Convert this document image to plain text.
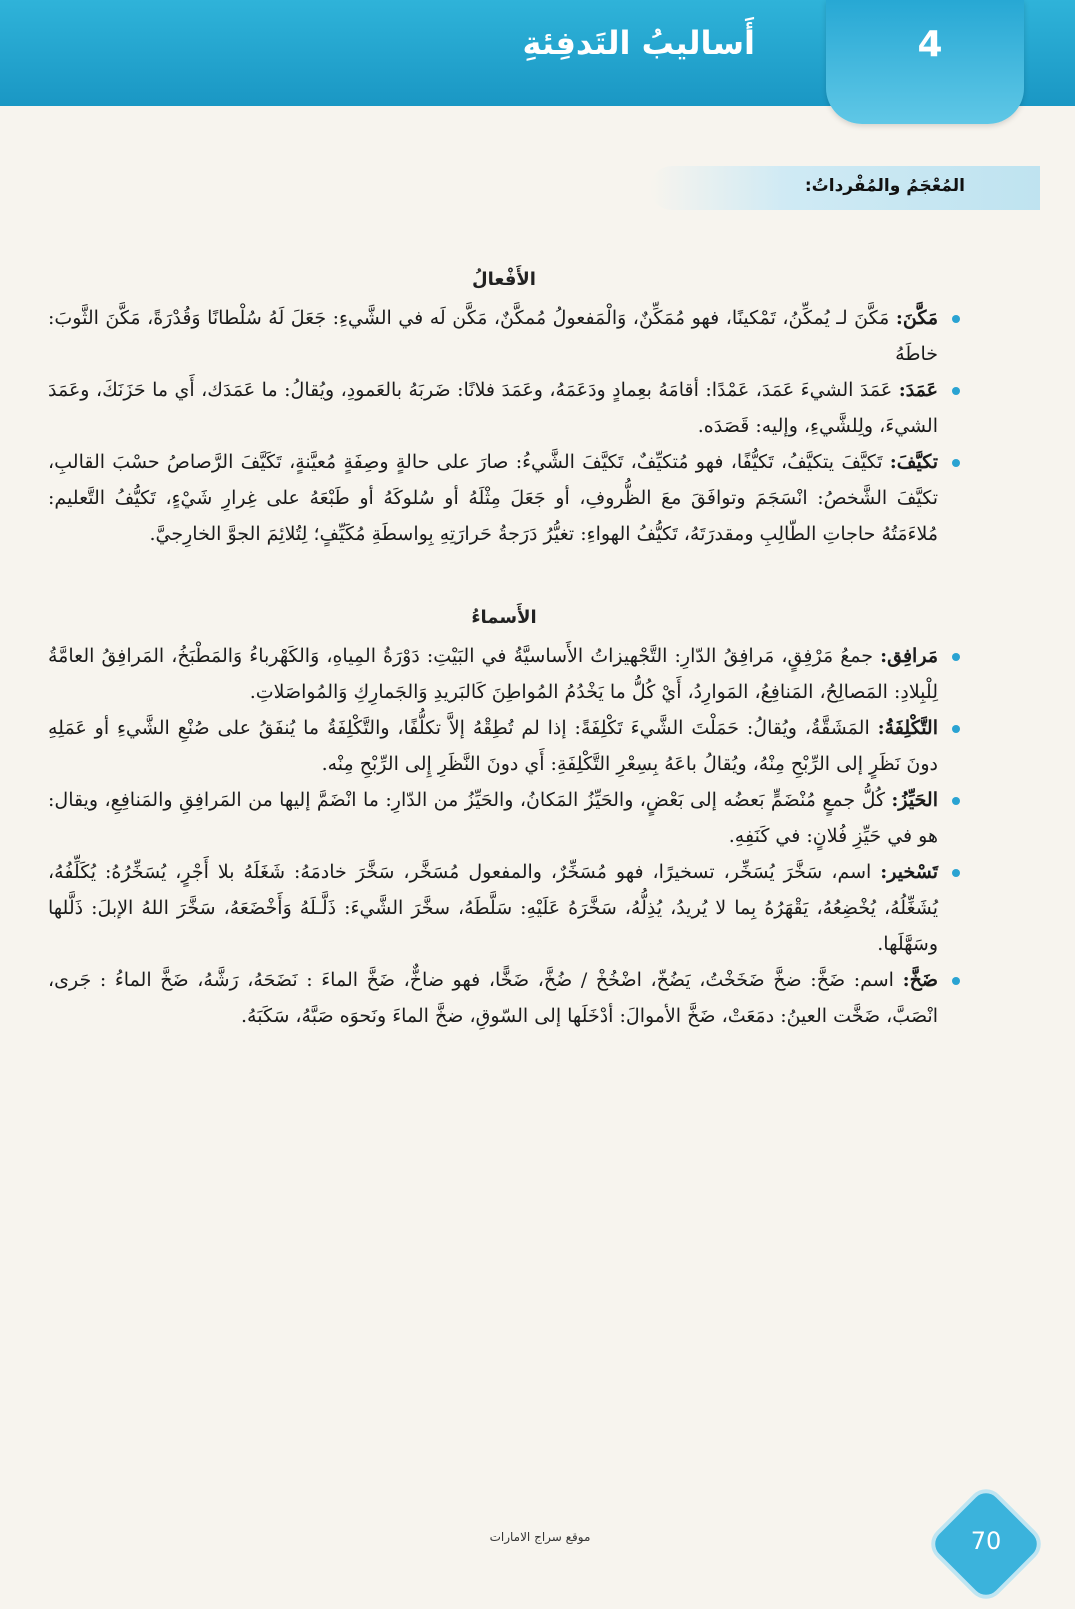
4
أَساليبُ التَدفِئةِ
المُعْجَمُ والمُفْرداتُ:
الأَفْعالُ

مَكَّنَ: مَكَّنَ لـ يُمكِّنُ، تَمْكينًا، فهو مُمَكِّنٌ، وَالْمَفعولُ مُمكَّنٌ، مَكَّن لَه في الشَّيءِ: جَعَلَ لَهُ سُلْطانًا وَقُدْرَةً، مَكَّنَ الثَّوبَ: خاطَهُ

عَمَدَ: عَمَدَ الشيءَ عَمَدَ، عَمْدًا: أقامَهُ بعِمادٍ ودَعَمَهُ، وعَمَدَ فلانًا: ضَربَهُ بالعَمودِ، ويُقالُ: ما عَمَدَك، أَي ما حَزَنَكَ، وعَمَدَ الشيءَ، ولِلشَّيءِ، وإليه: قَصَدَه.

تكيَّفَ: تَكيَّفَ يتكيَّفُ، تَكيُّفًا، فهو مُتكيِّفٌ، تَكيَّفَ الشَّيءُ: صارَ على حالةٍ وصِفَةٍ مُعيَّنةٍ، تَكَيَّفَ الرَّصاصُ حسْبَ القالبِ، تكيَّفَ الشَّخصُ: انْسَجَمَ وتوافَقَ معَ الظُّروفِ، أو جَعَلَ مِثْلَهُ أو سُلوكَهُ أو طَبْعَهُ على غِرارِ شَيْءٍ، تَكيُّفُ التَّعليم: مُلاءَمَتُهُ حاجاتِ الطّالِبِ ومقدرَتَهُ، تَكيُّفُ الهواءِ: تغيُّرُ دَرَجةُ حَرارَتِهِ بِواسطَةِ مُكَيِّفٍ؛ لِتُلائِمَ الجوَّ الخارِجيَّ.

الأَسماءُ

مَرافِق: جمعُ مَرْفِقٍ، مَرافِقُ الدّارِ: التَّجْهيزاتُ الأَساسيَّةُ في البَيْتِ: دَوْرَةُ المِياهِ، وَالكَهْرباءُ وَالمَطْبَخُ، المَرافِقُ العامَّةُ لِلْبِلادِ: المَصالِحُ، المَنافِعُ، المَوارِدُ، أَيْ كُلُّ ما يَخْدُمُ المُواطِنَ كَالبَريدِ وَالجَمارِكِ وَالمُواصَلاتِ.

التَّكْلِفَةُ: المَشَقَّةُ، ويُقالُ: حَمَلْتَ الشَّيءَ تَكْلِفَةً: إذا لم تُطِقْهُ إلاَّ تكلُّفًا، والتَّكْلِفَةُ ما يُنفَقُ على صُنْعِ الشَّيءِ أو عَمَلِهِ دونَ نَظَرٍ إلى الرِّبْحِ مِنْهُ، ويُقالُ باعَهُ بِسِعْرِ التَّكْلِفَةِ: أَي دونَ النَّظَرِ إِلى الرِّبْحِ مِنْه.

الحَيِّزُ: كُلُّ جمعٍ مُنْضَمٍّ بَعضُه إلى بَعْضٍ، والحَيِّزُ المَكانُ، والحَيِّزُ من الدّارِ: ما انْضَمَّ إليها من المَرافِقِ والمَنافِعِ، ويقال: هو في حَيِّزِ فُلانٍ: في كَنَفِهِ.

تَسْخير: اسم، سَخَّرَ يُسَخِّر، تسخيرًا، فهو مُسَخِّرٌ، والمفعول مُسَخَّر، سَخَّرَ خادمَهُ: شَغَلَهُ بلا أَجْرٍ، يُسَخِّرُهُ: يُكَلِّفُهُ، يُشَغِّلُهُ، يُخْضِعُهُ، يَقْهَرُهُ بِما لا يُريدُ، يُذِلُّهُ، سَخَّرَهُ عَلَيْهِ: سَلَّطَهُ، سخَّرَ الشَّيءَ: ذَلَّـلَهُ وَأَخْضَعَهُ، سَخَّرَ اللهُ الإبلَ: ذَلَّلها وسَهَّلَها.

ضَخَّ: اسم: ضَخَّ: ضخَّ ضَخَخْتُ، يَضُخّ، اضْخُخْ / ضُخَّ، ضَخًّا، فهو ضاخٌّ، ضَخَّ الماءَ : نَضَحَهُ، رَشَّهُ، ضَخَّ الماءُ : جَرى، انْصَبَّ، ضَخَّت العينُ: دمَعَتْ، ضَخَّ الأموالَ: أدْخَلَها إلى السّوقِ، ضخَّ الماءَ ونَحوَه صَبَّهُ، سَكَبَهُ.

موقع سراج الامارات	70
